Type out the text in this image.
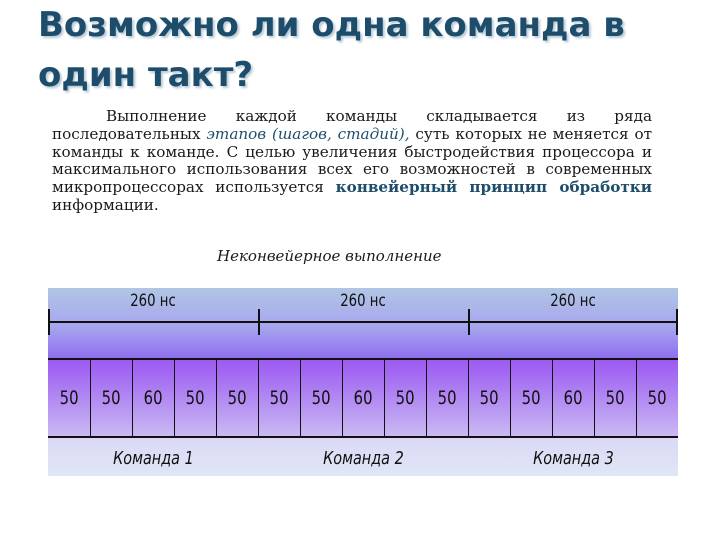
Возможно ли одна команда в один такт?
Выполнение каждой команды складывается из ряда последовательных этапов (шагов, стадий), суть которых не меняется от команды к команде. С целью увеличения быстродействия процессора и максимального использования всех его возможностей в современных микропроцессорах используется конвейерный принцип обработки информации.
Неконвейерное выполнение
50 50 60 50 50 50 50 60 50 50 50 50 60 50 50
260 нс	260 нс	260 нс
Команда 1	Команда 2	Команда 3
